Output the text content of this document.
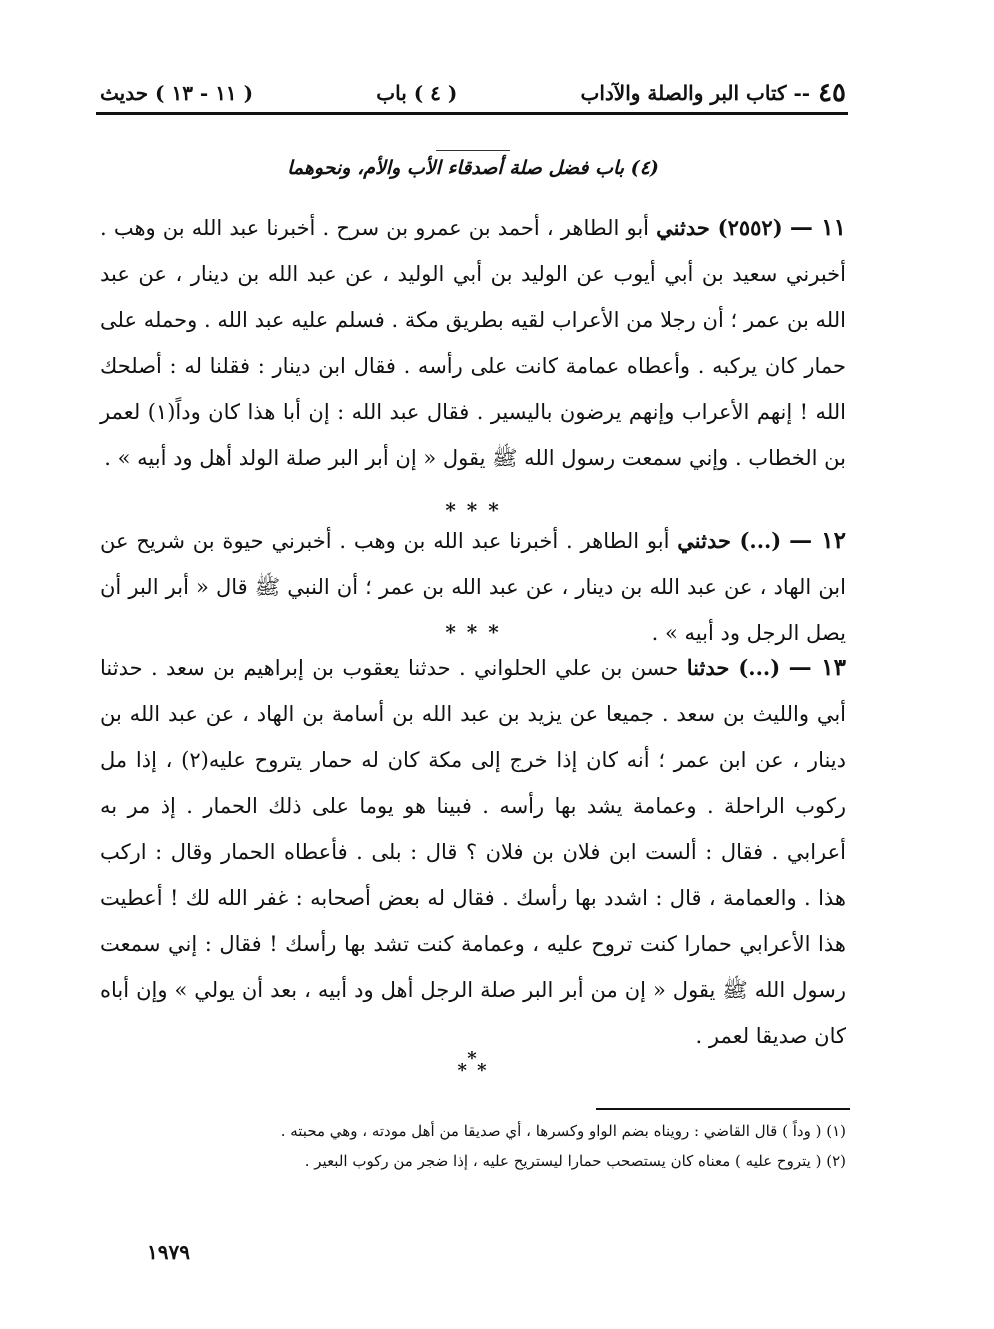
٤٥
-- كتاب البر والصلة والآداب
( ٤ ) باب
( ١١ - ١٣ ) حديث
(٤) باب فضل صلة أصدقاء الأب والأم، ونحوهما
١١ — (٢٥٥٢) حدثني أبو الطاهر ، أحمد بن عمرو بن سرح . أخبرنا عبد الله بن وهب . أخبرني سعيد بن أبي أيوب عن الوليد بن أبي الوليد ، عن عبد الله بن دينار ، عن عبد الله بن عمر ؛ أن رجلا من الأعراب لقيه بطريق مكة . فسلم عليه عبد الله . وحمله على حمار كان يركبه . وأعطاه عمامة كانت على رأسه . فقال ابن دينار : فقلنا له : أصلحك الله ! إنهم الأعراب وإنهم يرضون باليسير . فقال عبد الله : إن أبا هذا كان وداً(١) لعمر بن الخطاب . وإني سمعت رسول الله ﷺ يقول « إن أبر البر صلة الولد أهل ود أبيه » .
* * *
١٢ — (...) حدثني أبو الطاهر . أخبرنا عبد الله بن وهب . أخبرني حيوة بن شريح عن ابن الهاد ، عن عبد الله بن دينار ، عن عبد الله بن عمر ؛ أن النبي ﷺ قال « أبر البر أن يصل الرجل ود أبيه » .
* * *
١٣ — (...) حدثنا حسن بن علي الحلواني . حدثنا يعقوب بن إبراهيم بن سعد . حدثنا أبي والليث بن سعد . جميعا عن يزيد بن عبد الله بن أسامة بن الهاد ، عن عبد الله بن دينار ، عن ابن عمر ؛ أنه كان إذا خرج إلى مكة كان له حمار يتروح عليه(٢) ، إذا مل ركوب الراحلة . وعمامة يشد بها رأسه . فبينا هو يوما على ذلك الحمار . إذ مر به أعرابي . فقال : ألست ابن فلان بن فلان ؟ قال : بلى . فأعطاه الحمار وقال : اركب هذا . والعمامة ، قال : اشدد بها رأسك . فقال له بعض أصحابه : غفر الله لك ! أعطيت هذا الأعرابي حمارا كنت تروح عليه ، وعمامة كنت تشد بها رأسك ! فقال : إني سمعت رسول الله ﷺ يقول « إن من أبر البر صلة الرجل أهل ود أبيه ، بعد أن يولي » وإن أباه كان صديقا لعمر .
*
* *
(١) ( وداً ) قال القاضي : رويناه بضم الواو وكسرها ، أي صديقا من أهل مودته ، وهي محبته .
(٢) ( يتروح عليه ) معناه كان يستصحب حمارا ليستريح عليه ، إذا ضجر من ركوب البعير .
١٩٧٩
